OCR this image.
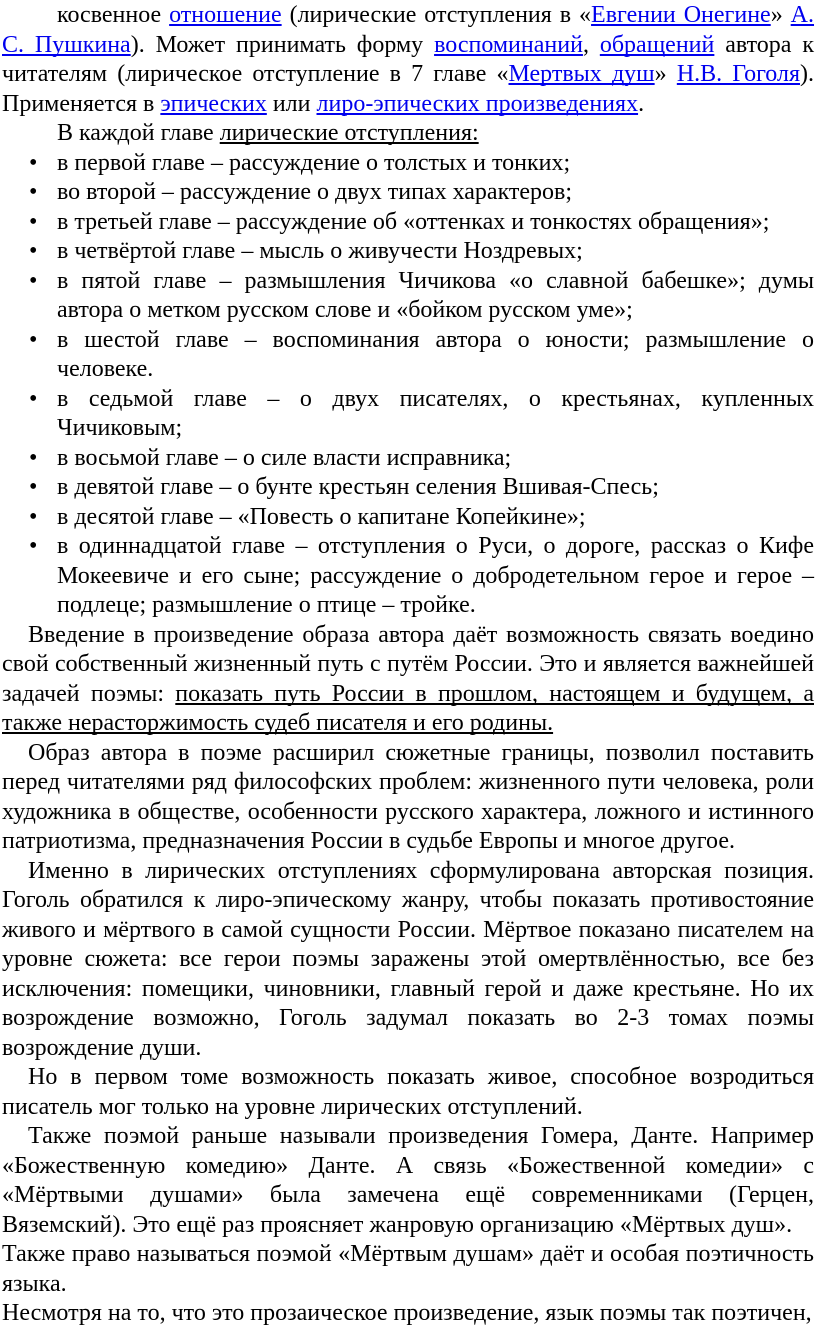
косвенное отношение (лирические отступления в «Евгении Онегине» А. С. Пушкина). Может принимать форму воспоминаний, обращений автора к читателям (лирическое отступление в 7 главе «Мертвых душ» Н.В. Гоголя). Применяется в эпических или лиро-эпических произведениях.

В каждой главе лирические отступления:

• в первой главе – рассуждение о толстых и тонких;

• во второй – рассуждение о двух типах характеров;

• в третьей главе – рассуждение об «оттенках и тонкостях обращения»;

• в четвёртой главе – мысль о живучести Ноздревых;

• в пятой главе – размышления Чичикова «о славной бабешке»; думы автора о метком русском слове и «бойком русском уме»;

• в шестой главе – воспоминания автора о юности; размышление о человеке.

• в седьмой главе – о двух писателях, о крестьянах, купленных Чичиковым;

• в восьмой главе – о силе власти исправника;

• в девятой главе – о бунте крестьян селения Вшивая-Спесь;

• в десятой главе – «Повесть о капитане Копейкине»;

• в одиннадцатой главе – отступления о Руси, о дороге, рассказ о Кифе Мокеевиче и его сыне; рассуждение о добродетельном герое и герое – подлеце; размышление о птице – тройке.

Введение в произведение образа автора даёт возможность связать воедино свой собственный жизненный путь с путём России. Это и является важнейшей задачей поэмы: показать путь России в прошлом, настоящем и будущем, а также нерасторжимость судеб писателя и его родины.

Образ автора в поэме расширил сюжетные границы, позволил поставить перед читателями ряд философских проблем: жизненного пути человека, роли художника в обществе, особенности русского характера, ложного и истинного патриотизма, предназначения России в судьбе Европы и многое другое.

Именно в лирических отступлениях сформулирована авторская позиция. Гоголь обратился к лиро-эпическому жанру, чтобы показать противостояние живого и мёртвого в самой сущности России. Мёртвое показано писателем на уровне сюжета: все герои поэмы заражены этой омертвлённостью, все без исключения: помещики, чиновники, главный герой и даже крестьяне. Но их возрождение возможно, Гоголь задумал показать во 2-3 томах поэмы возрождение души.

Но в первом томе возможность показать живое, способное возродиться писатель мог только на уровне лирических отступлений.

Также поэмой раньше называли произведения Гомера, Данте. Например «Божественную комедию» Данте. А связь «Божественной комедии» с «Мёртвыми душами» была замечена ещё современниками (Герцен, Вяземский). Это ещё раз проясняет жанровую организацию «Мёртвых душ».

Также право называться поэмой «Мёртвым душам» даёт и особая поэтичность языка.

Несмотря на то, что это прозаическое произведение, язык поэмы так поэтичен,
